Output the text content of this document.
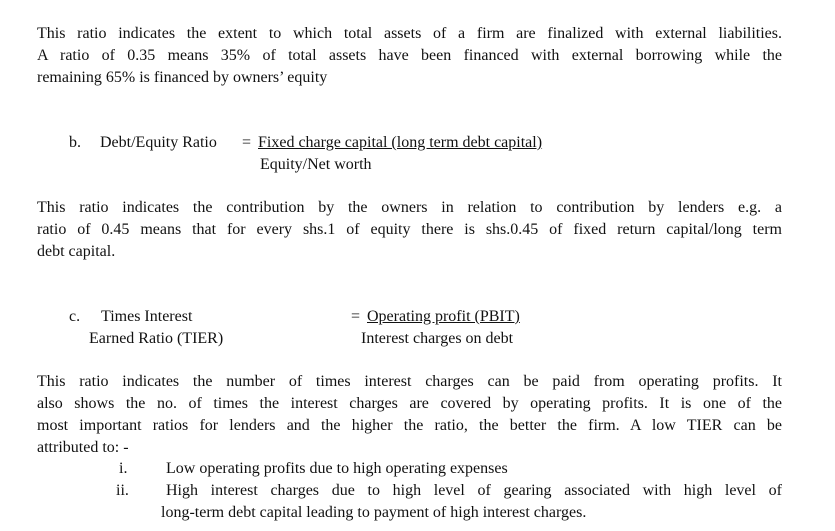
This ratio indicates the extent to which total assets of a firm are finalized with external liabilities.
A ratio of 0.35 means 35% of total assets have been financed with external borrowing while the
remaining 65% is financed by owners’ equity

b. Debt/Equity Ratio = Fixed charge capital (long term debt capital)
Equity/Net worth

This ratio indicates the contribution by the owners in relation to contribution by lenders e.g. a
ratio of 0.45 means that for every shs.1 of equity there is shs.0.45 of fixed return capital/long term
debt capital.

c. Times Interest
Earned Ratio (TIER)
= Operating profit (PBIT)
Interest charges on debt

This ratio indicates the number of times interest charges can be paid from operating profits. It
also shows the no. of times the interest charges are covered by operating profits. It is one of the
most important ratios for lenders and the higher the ratio, the better the firm. A low TIER can be
attributed to: -

i. Low operating profits due to high operating expenses
ii. High interest charges due to high level of gearing associated with high level of
long-term debt capital leading to payment of high interest charges.
